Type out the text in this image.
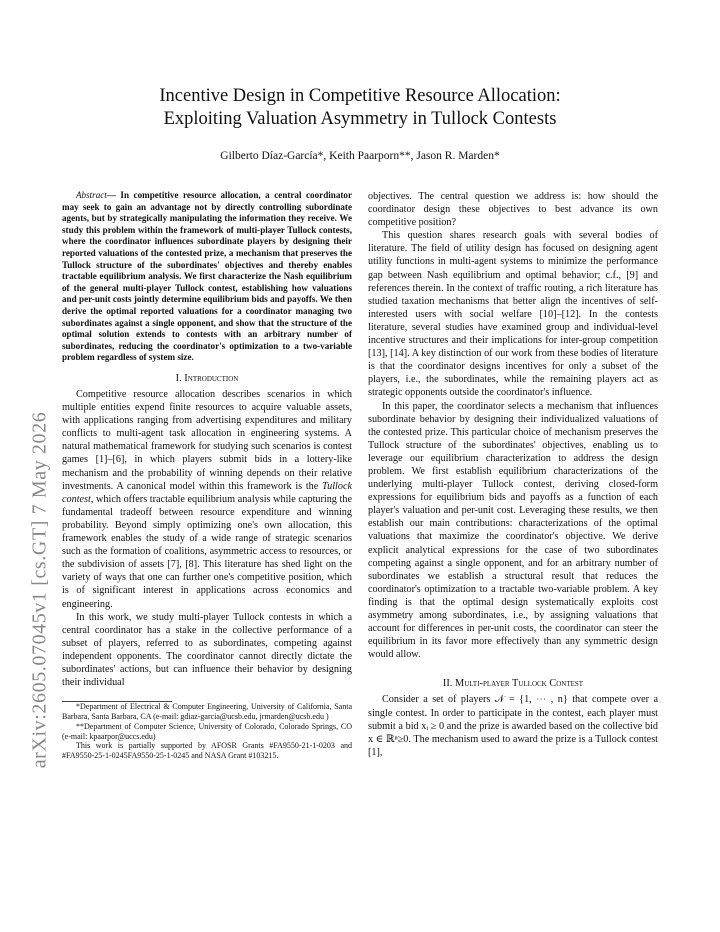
arXiv:2605.07045v1 [cs.GT] 7 May 2026
Incentive Design in Competitive Resource Allocation:
Exploiting Valuation Asymmetry in Tullock Contests
Gilberto Díaz-García*, Keith Paarporn**, Jason R. Marden*

Abstract— In competitive resource allocation, a central coordinator may seek to gain an advantage not by directly controlling subordinate agents, but by strategically manipulating the information they receive. We study this problem within the framework of multi-player Tullock contests, where the coordinator influences subordinate players by designing their reported valuations of the contested prize, a mechanism that preserves the Tullock structure of the subordinates' objectives and thereby enables tractable equilibrium analysis. We first characterize the Nash equilibrium of the general multi-player Tullock contest, establishing how valuations and per-unit costs jointly determine equilibrium bids and payoffs. We then derive the optimal reported valuations for a coordinator managing two subordinates against a single opponent, and show that the structure of the optimal solution extends to contests with an arbitrary number of subordinates, reducing the coordinator's optimization to a two-variable problem regardless of system size.

I. Introduction

Competitive resource allocation describes scenarios in which multiple entities expend finite resources to acquire valuable assets, with applications ranging from advertising expenditures and military conflicts to multi-agent task allocation in engineering systems. A natural mathematical framework for studying such scenarios is contest games [1]–[6], in which players submit bids in a lottery-like mechanism and the probability of winning depends on their relative investments. A canonical model within this framework is the Tullock contest, which offers tractable equilibrium analysis while capturing the fundamental tradeoff between resource expenditure and winning probability. Beyond simply optimizing one's own allocation, this framework enables the study of a wide range of strategic scenarios such as the formation of coalitions, asymmetric access to resources, or the subdivision of assets [7], [8]. This literature has shed light on the variety of ways that one can further one's competitive position, which is of significant interest in applications across economics and engineering.

In this work, we study multi-player Tullock contests in which a central coordinator has a stake in the collective performance of a subset of players, referred to as subordinates, competing against independent opponents. The coordinator cannot directly dictate the subordinates' actions, but can influence their behavior by designing their individual

*Department of Electrical & Computer Engineering, University of California, Santa Barbara, Santa Barbara, CA (e-mail: gdiaz-garcia@ucsb.edu, jrmarden@ucsb.edu )

**Department of Computer Science, University of Colorado, Colorado Springs, CO (e-mail: kpaarpor@uccs.edu)

This work is partially supported by AFOSR Grants #FA9550-21-1-0203 and #FA9550-25-1-0245FA9550-25-1-0245 and NASA Grant #103215.

objectives. The central question we address is: how should the coordinator design these objectives to best advance its own competitive position?

This question shares research goals with several bodies of literature. The field of utility design has focused on designing agent utility functions in multi-agent systems to minimize the performance gap between Nash equilibrium and optimal behavior; c.f., [9] and references therein. In the context of traffic routing, a rich literature has studied taxation mechanisms that better align the incentives of self-interested users with social welfare [10]–[12]. In the contests literature, several studies have examined group and individual-level incentive structures and their implications for inter-group competition [13], [14]. A key distinction of our work from these bodies of literature is that the coordinator designs incentives for only a subset of the players, i.e., the subordinates, while the remaining players act as strategic opponents outside the coordinator's influence.

In this paper, the coordinator selects a mechanism that influences subordinate behavior by designing their individualized valuations of the contested prize. This particular choice of mechanism preserves the Tullock structure of the subordinates' objectives, enabling us to leverage our equilibrium characterization to address the design problem. We first establish equilibrium characterizations of the underlying multi-player Tullock contest, deriving closed-form expressions for equilibrium bids and payoffs as a function of each player's valuation and per-unit cost. Leveraging these results, we then establish our main contributions: characterizations of the optimal valuations that maximize the coordinator's objective. We derive explicit analytical expressions for the case of two subordinates competing against a single opponent, and for an arbitrary number of subordinates we establish a structural result that reduces the coordinator's optimization to a tractable two-variable problem. A key finding is that the optimal design systematically exploits cost asymmetry among subordinates, i.e., by assigning valuations that account for differences in per-unit costs, the coordinator can steer the equilibrium in its favor more effectively than any symmetric design would allow.

II. Multi-player Tullock Contest

Consider a set of players 𝒩 = {1, ⋯ , n} that compete over a single contest. In order to participate in the contest, each player must submit a bid xᵢ ≥ 0 and the prize is awarded based on the collective bid x ∈ ℝⁿ≥0. The mechanism used to award the prize is a Tullock contest [1],
